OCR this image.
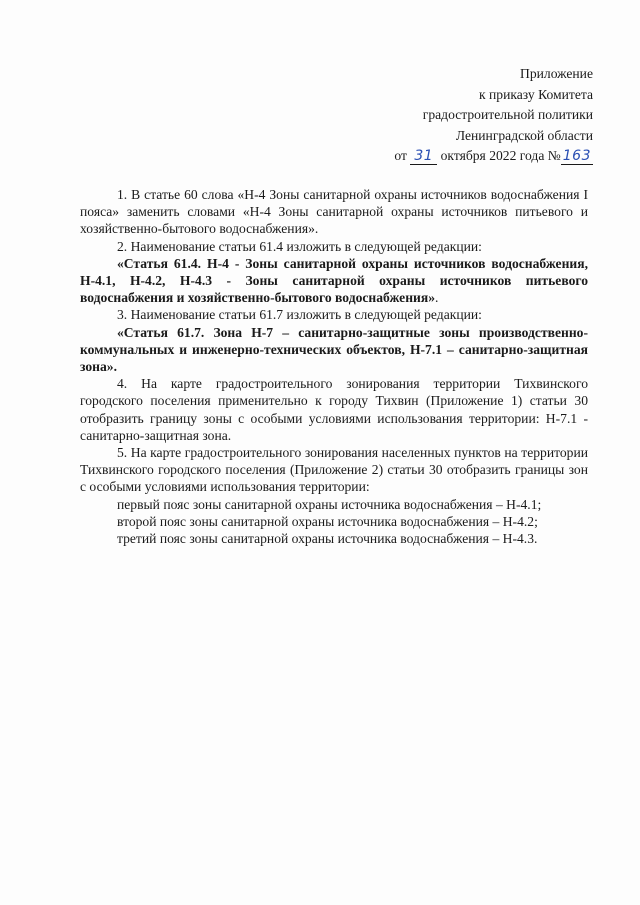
Приложение
к приказу Комитета
градостроительной политики
Ленинградской области
от 31 октября 2022 года № 163

1. В статье 60 слова «Н-4 Зоны санитарной охраны источников водоснабжения I пояса» заменить словами «Н-4 Зоны санитарной охраны источников питьевого и хозяйственно-бытового водоснабжения».

2. Наименование статьи 61.4 изложить в следующей редакции:

«Статья 61.4. Н-4 - Зоны санитарной охраны источников водоснабжения, Н-4.1, Н-4.2, Н-4.3 - Зоны санитарной охраны источников питьевого водоснабжения и хозяйственно-бытового водоснабжения».

3. Наименование статьи 61.7 изложить в следующей редакции:

«Статья 61.7. Зона Н-7 – санитарно-защитные зоны производственно-коммунальных и инженерно-технических объектов, Н-7.1 – санитарно-защитная зона».

4. На карте градостроительного зонирования территории Тихвинского городского поселения применительно к городу Тихвин (Приложение 1) статьи 30 отобразить границу зоны с особыми условиями использования территории: Н-7.1 - санитарно-защитная зона.

5. На карте градостроительного зонирования населенных пунктов на территории Тихвинского городского поселения (Приложение 2) статьи 30 отобразить границы зон с особыми условиями использования территории:

первый пояс зоны санитарной охраны источника водоснабжения – Н-4.1;

второй пояс зоны санитарной охраны источника водоснабжения – Н-4.2;

третий пояс зоны санитарной охраны источника водоснабжения – Н-4.3.
